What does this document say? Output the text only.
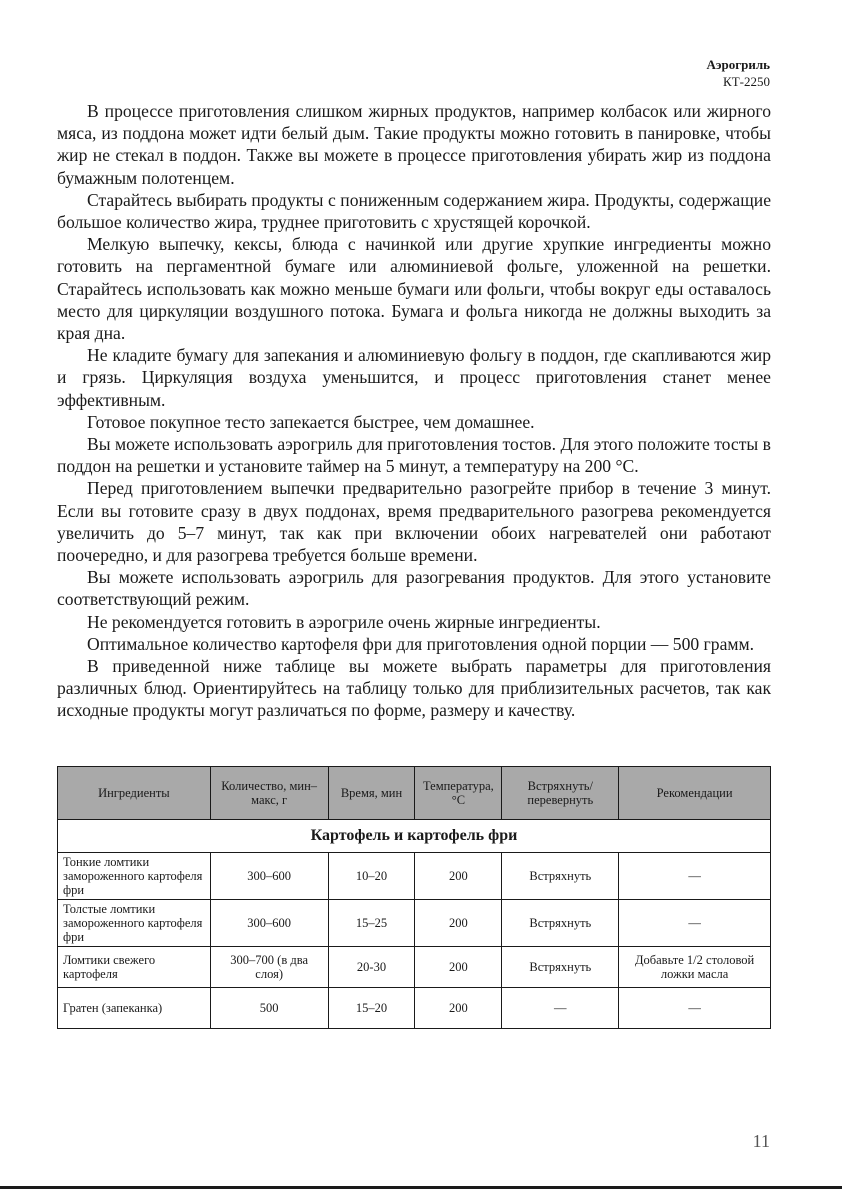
Аэрогриль
КТ-2250

В процессе приготовления слишком жирных продуктов, например колбасок или жирного мяса, из поддона может идти белый дым. Такие продукты можно готовить в панировке, чтобы жир не стекал в поддон. Также вы можете в процессе приготовления убирать жир из поддона бумажным полотенцем.

Старайтесь выбирать продукты с пониженным содержанием жира. Продукты, содержащие большое количество жира, труднее приготовить с хрустящей корочкой.

Мелкую выпечку, кексы, блюда с начинкой или другие хрупкие ингредиенты можно готовить на пергаментной бумаге или алюминиевой фольге, уложенной на решетки. Старайтесь использовать как можно меньше бумаги или фольги, чтобы вокруг еды оставалось место для циркуляции воздушного потока. Бумага и фольга никогда не должны выходить за края дна.

Не кладите бумагу для запекания и алюминиевую фольгу в поддон, где скапливаются жир и грязь. Циркуляция воздуха уменьшится, и процесс приготовления станет менее эффективным.

Готовое покупное тесто запекается быстрее, чем домашнее.

Вы можете использовать аэрогриль для приготовления тостов. Для этого положите тосты в поддон на решетки и установите таймер на 5 минут, а температуру на 200 °C.

Перед приготовлением выпечки предварительно разогрейте прибор в течение 3 минут. Если вы готовите сразу в двух поддонах, время предварительного разогрева рекомендуется увеличить до 5–7 минут, так как при включении обоих нагревателей они работают поочередно, и для разогрева требуется больше времени.

Вы можете использовать аэрогриль для разогревания продуктов. Для этого установите соответствующий режим.

Не рекомендуется готовить в аэрогриле очень жирные ингредиенты.

Оптимальное количество картофеля фри для приготовления одной порции — 500 грамм.

В приведенной ниже таблице вы можете выбрать параметры для приготовления различных блюд. Ориентируйтесь на таблицу только для приблизительных расчетов, так как исходные продукты могут различаться по форме, размеру и качеству.

Ингредиенты	Количество, мин–макс, г	Время, мин	Температура, °C	Встряхнуть/ перевернуть	Рекомендации
Картофель и картофель фри					
Тонкие ломтики замороженного картофеля фри	300–600	10–20	200	Встряхнуть	—
Толстые ломтики замороженного картофеля фри	300–600	15–25	200	Встряхнуть	—
Ломтики свежего картофеля	300–700 (в два слоя)	20-30	200	Встряхнуть	Добавьте 1/2 столовой ложки масла
Гратен (запеканка)	500	15–20	200	—	—
11
